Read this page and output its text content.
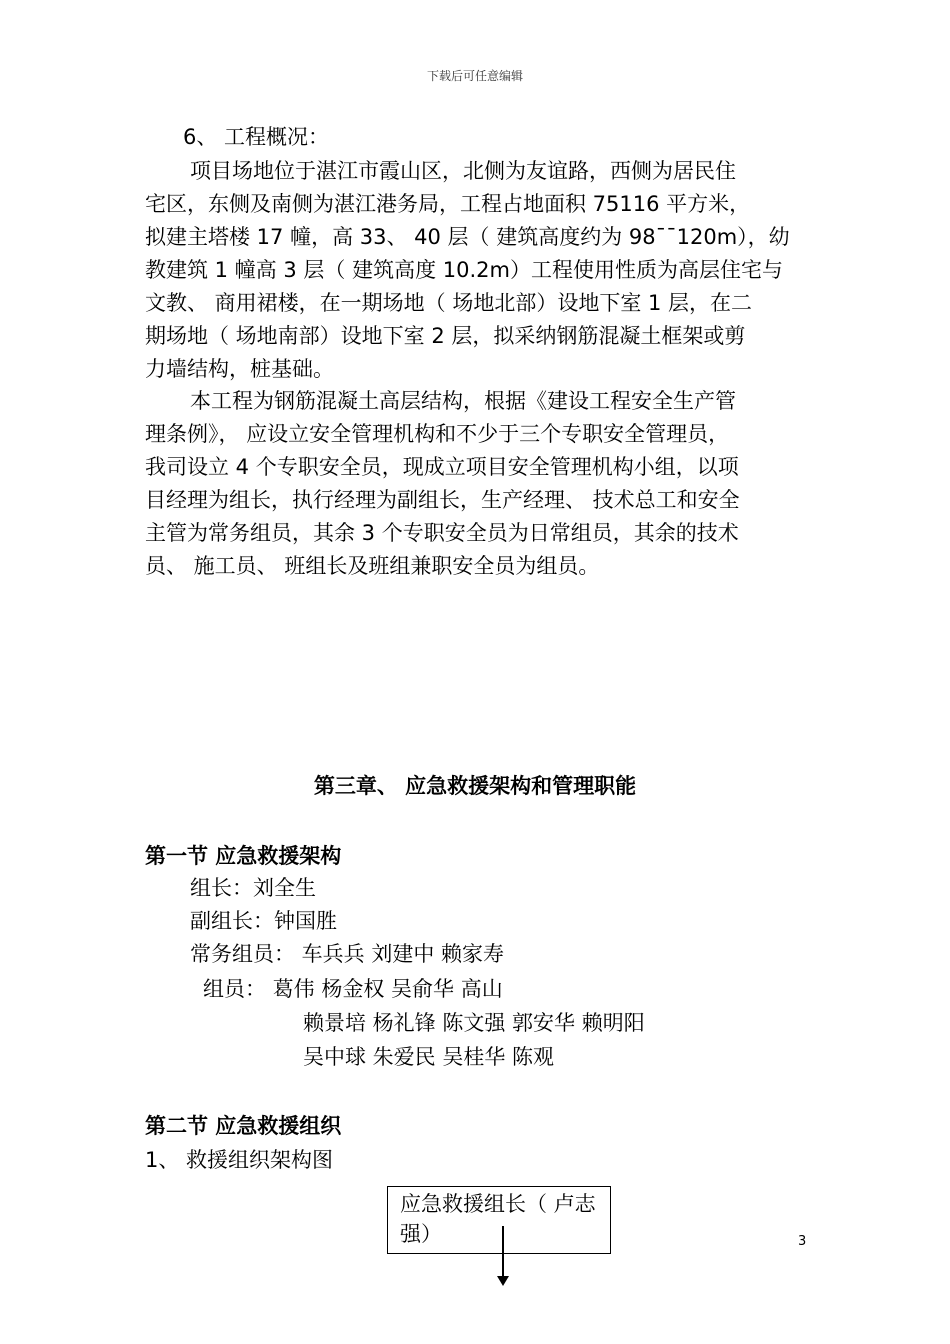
下载后可任意编辑
6、 工程概况：
项目场地位于湛江市霞山区，北侧为友谊路，西侧为居民住
宅区，东侧及南侧为湛江港务局，工程占地面积 75116 平方米，
拟建主塔楼 17 幢，高 33、 40 层（ 建筑高度约为 98¯¯120m），幼
教建筑 1 幢高 3 层（ 建筑高度 10.2m）工程使用性质为高层住宅与
文教、 商用裙楼，在一期场地（ 场地北部）设地下室 1 层，在二
期场地（ 场地南部）设地下室 2 层，拟采纳钢筋混凝土框架或剪
力墙结构，桩基础。
本工程为钢筋混凝土高层结构，根据《建设工程安全生产管
理条例》， 应设立安全管理机构和不少于三个专职安全管理员，
我司设立 4 个专职安全员，现成立项目安全管理机构小组，以项
目经理为组长，执行经理为副组长，生产经理、 技术总工和安全
主管为常务组员，其余 3 个专职安全员为日常组员，其余的技术
员、 施工员、 班组长及班组兼职安全员为组员。
第三章、 应急救援架构和管理职能
第一节 应急救援架构
组长：刘全生
副组长：钟国胜
常务组员： 车兵兵 刘建中 赖家寿
组员： 葛伟 杨金权 吴俞华 高山
赖景培 杨礼锋 陈文强 郭安华 赖明阳
吴中球 朱爱民 吴桂华 陈观
第二节 应急救援组织
1、 救援组织架构图
应急救援组长（ 卢志强）	3
